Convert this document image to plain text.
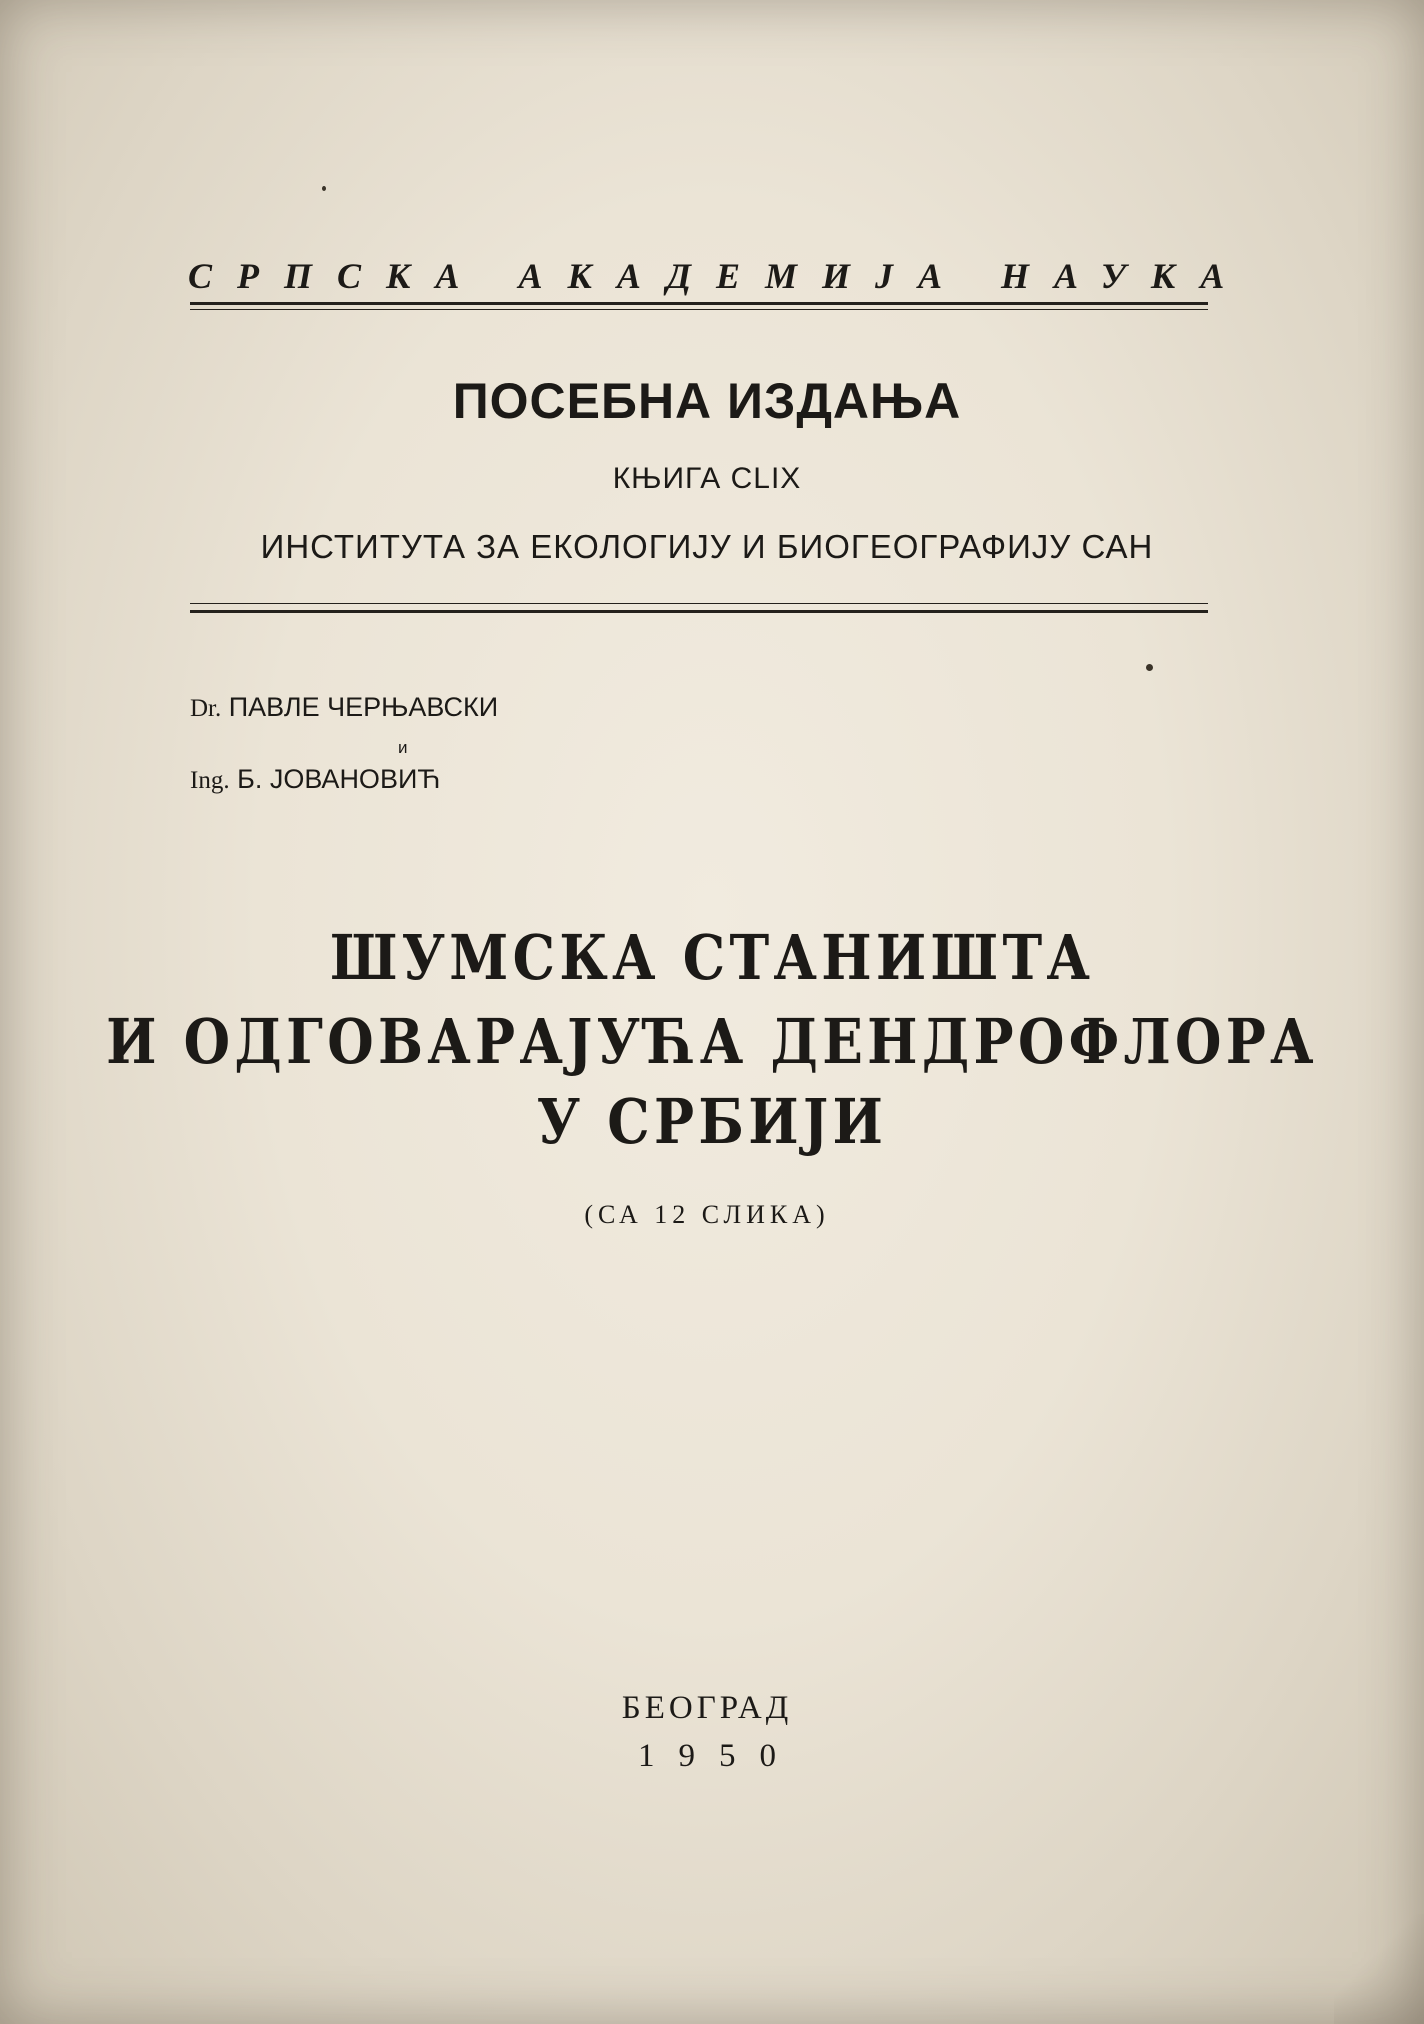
СРПСКА АКАДЕМИЈА НАУКА
ПОСЕБНА ИЗДАЊА
КЊИГА CLIX
ИНСТИТУТА ЗА ЕКОЛОГИЈУ И БИОГЕОГРАФИЈУ САН
Dr. ПАВЛЕ ЧЕРЊАВСКИ
и
Ing. Б. ЈОВАНОВИЋ
ШУМСКА СТАНИШТА
И ОДГОВАРАЈУЋА ДЕНДРОФЛОРА
У СРБИЈИ
(СА 12 СЛИКА)
БЕОГРАД
1950
